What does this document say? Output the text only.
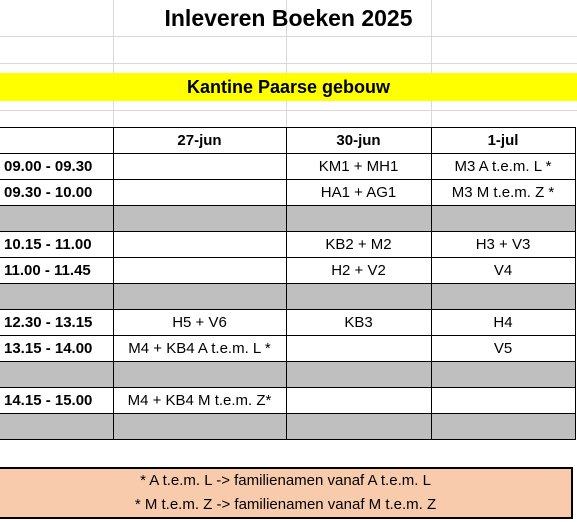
Inleveren Boeken 2025
Kantine Paarse gebouw
	27-jun	30-jun	1-jul
09.00 - 09.30		KM1 + MH1	M3 A t.e.m. L *
09.30 - 10.00		HA1 + AG1	M3 M t.e.m. Z *

10.15 - 11.00		KB2 + M2	H3 + V3
11.00 - 11.45		H2 + V2	V4

12.30 - 13.15	H5 + V6	KB3	H4
13.15 - 14.00	M4 + KB4 A t.e.m. L *		V5

14.15 - 15.00	M4 + KB4 M t.e.m. Z*		

* A t.e.m. L -> familienamen vanaf A t.e.m. L
* M t.e.m. Z -> familienamen vanaf M t.e.m. Z
